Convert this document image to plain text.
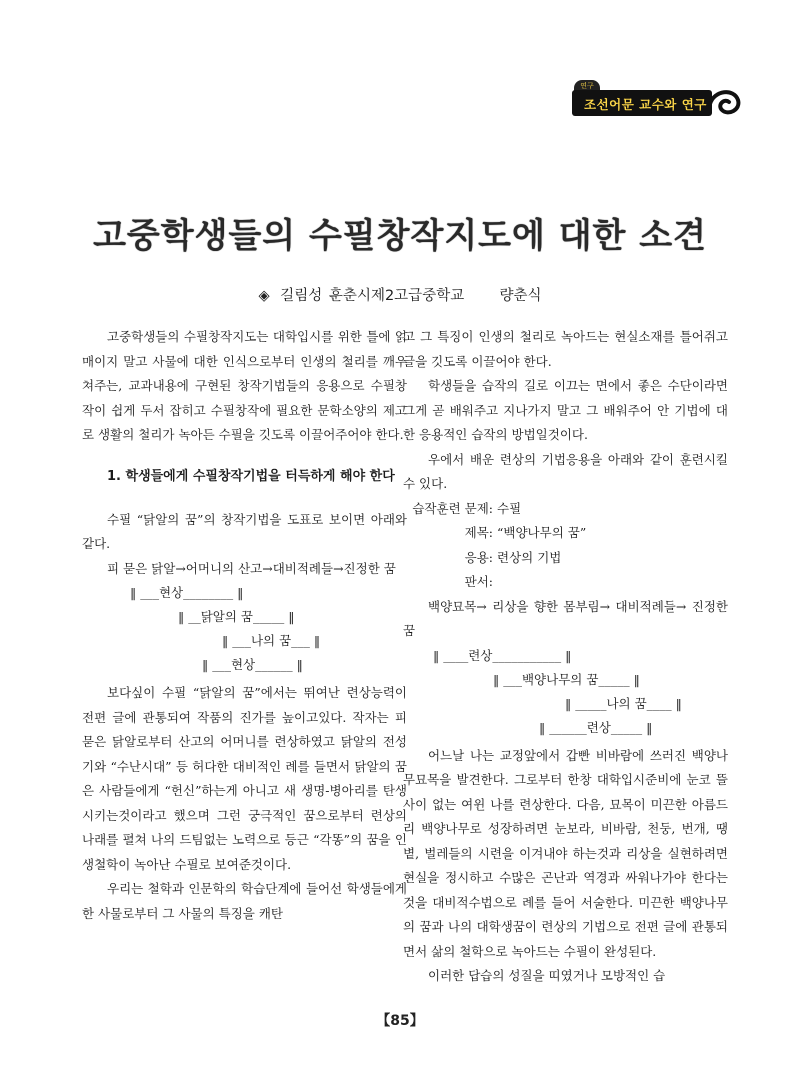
연구
조선어문 교수와 연구
고중학생들의 수필창작지도에 대한 소견
◈ 길림성 훈춘시제2고급중학교 량춘식

고중학생들의 수필창작지도는 대학입시를 위한 틀에 얽매이지 말고 사물에 대한 인식으로부터 인생의 철리를 깨우쳐주는, 교과내용에 구현된 창작기법들의 응용으로 수필창작이 쉽게 두서 잡히고 수필창작에 필요한 문학소양의 제고로 생활의 철리가 녹아든 수필을 깃도록 이끌어주어야 한다.

1. 학생들에게 수필창작기법을 터득하게 해야 한다

수필 “닭알의 꿈”의 창작기법을 도표로 보이면 아래와 같다.

피 묻은 닭알→어머니의 산고→대비적례들→진정한 꿈

‖ ___현상________ ‖

‖ __닭알의 꿈_____ ‖

‖ ___나의 꿈___ ‖

‖ ___현상______ ‖

보다싶이 수필 “닭알의 꿈”에서는 뛰여난 련상능력이 전편 글에 관통되여 작품의 진가를 높이고있다. 작자는 피 묻은 닭알로부터 산고의 어머니를 련상하였고 닭알의 전성기와 “수난시대” 등 허다한 대비적인 례를 들면서 닭알의 꿈은 사람들에게 “헌신”하는게 아니고 새 생명-병아리를 탄생시키는것이라고 했으며 그런 궁극적인 꿈으로부터 련상의 나래를 펼쳐 나의 드팀없는 노력으로 등근 “각똥”의 꿈을 인생철학이 녹아난 수필로 보여준것이다.

우리는 철학과 인문학의 학습단계에 들어선 학생들에게 한 사물로부터 그 사물의 특징을 캐탄

고 그 특징이 인생의 철리로 녹아드는 현실소재를 틀어쥐고 글을 깃도록 이끌어야 한다.

학생들을 습작의 길로 이끄는 면에서 좋은 수단이라면 그게 곧 배워주고 지나가지 말고 그 배워주어 안 기법에 대한 응용적인 습작의 방법일것이다.

우에서 배운 련상의 기법응용을 아래와 같이 훈련시킬수 있다.

습작훈련 문제: 수필
제목: “백양나무의 꿈”
응용: 련상의 기법
판서:

백양묘목→ 리상을 향한 몸부림→ 대비적례들→ 진정한 꿈

‖ ____련상___________ ‖

‖ ___백양나무의 꿈_____ ‖

‖ _____나의 꿈____ ‖

‖ ______련상_____ ‖

어느날 나는 교정앞에서 갑빤 비바람에 쓰러진 백양나무묘목을 발견한다. 그로부터 한창 대학입시준비에 눈코 뜰 사이 없는 여윈 나를 련상한다. 다음, 묘목이 미끈한 아름드리 백양나무로 성장하려면 눈보라, 비바람, 천둥, 번개, 땡볕, 벌레들의 시련을 이겨내야 하는것과 리상을 실현하려면 현실을 정시하고 수많은 곤난과 역경과 싸워나가야 한다는것을 대비적수법으로 례를 들어 서술한다. 미끈한 백양나무의 꿈과 나의 대학생꿈이 련상의 기법으로 전편 글에 관통되면서 삶의 철학으로 녹아드는 수필이 완성된다.

이러한 답습의 성질을 띠였거나 모방적인 습

【85】
